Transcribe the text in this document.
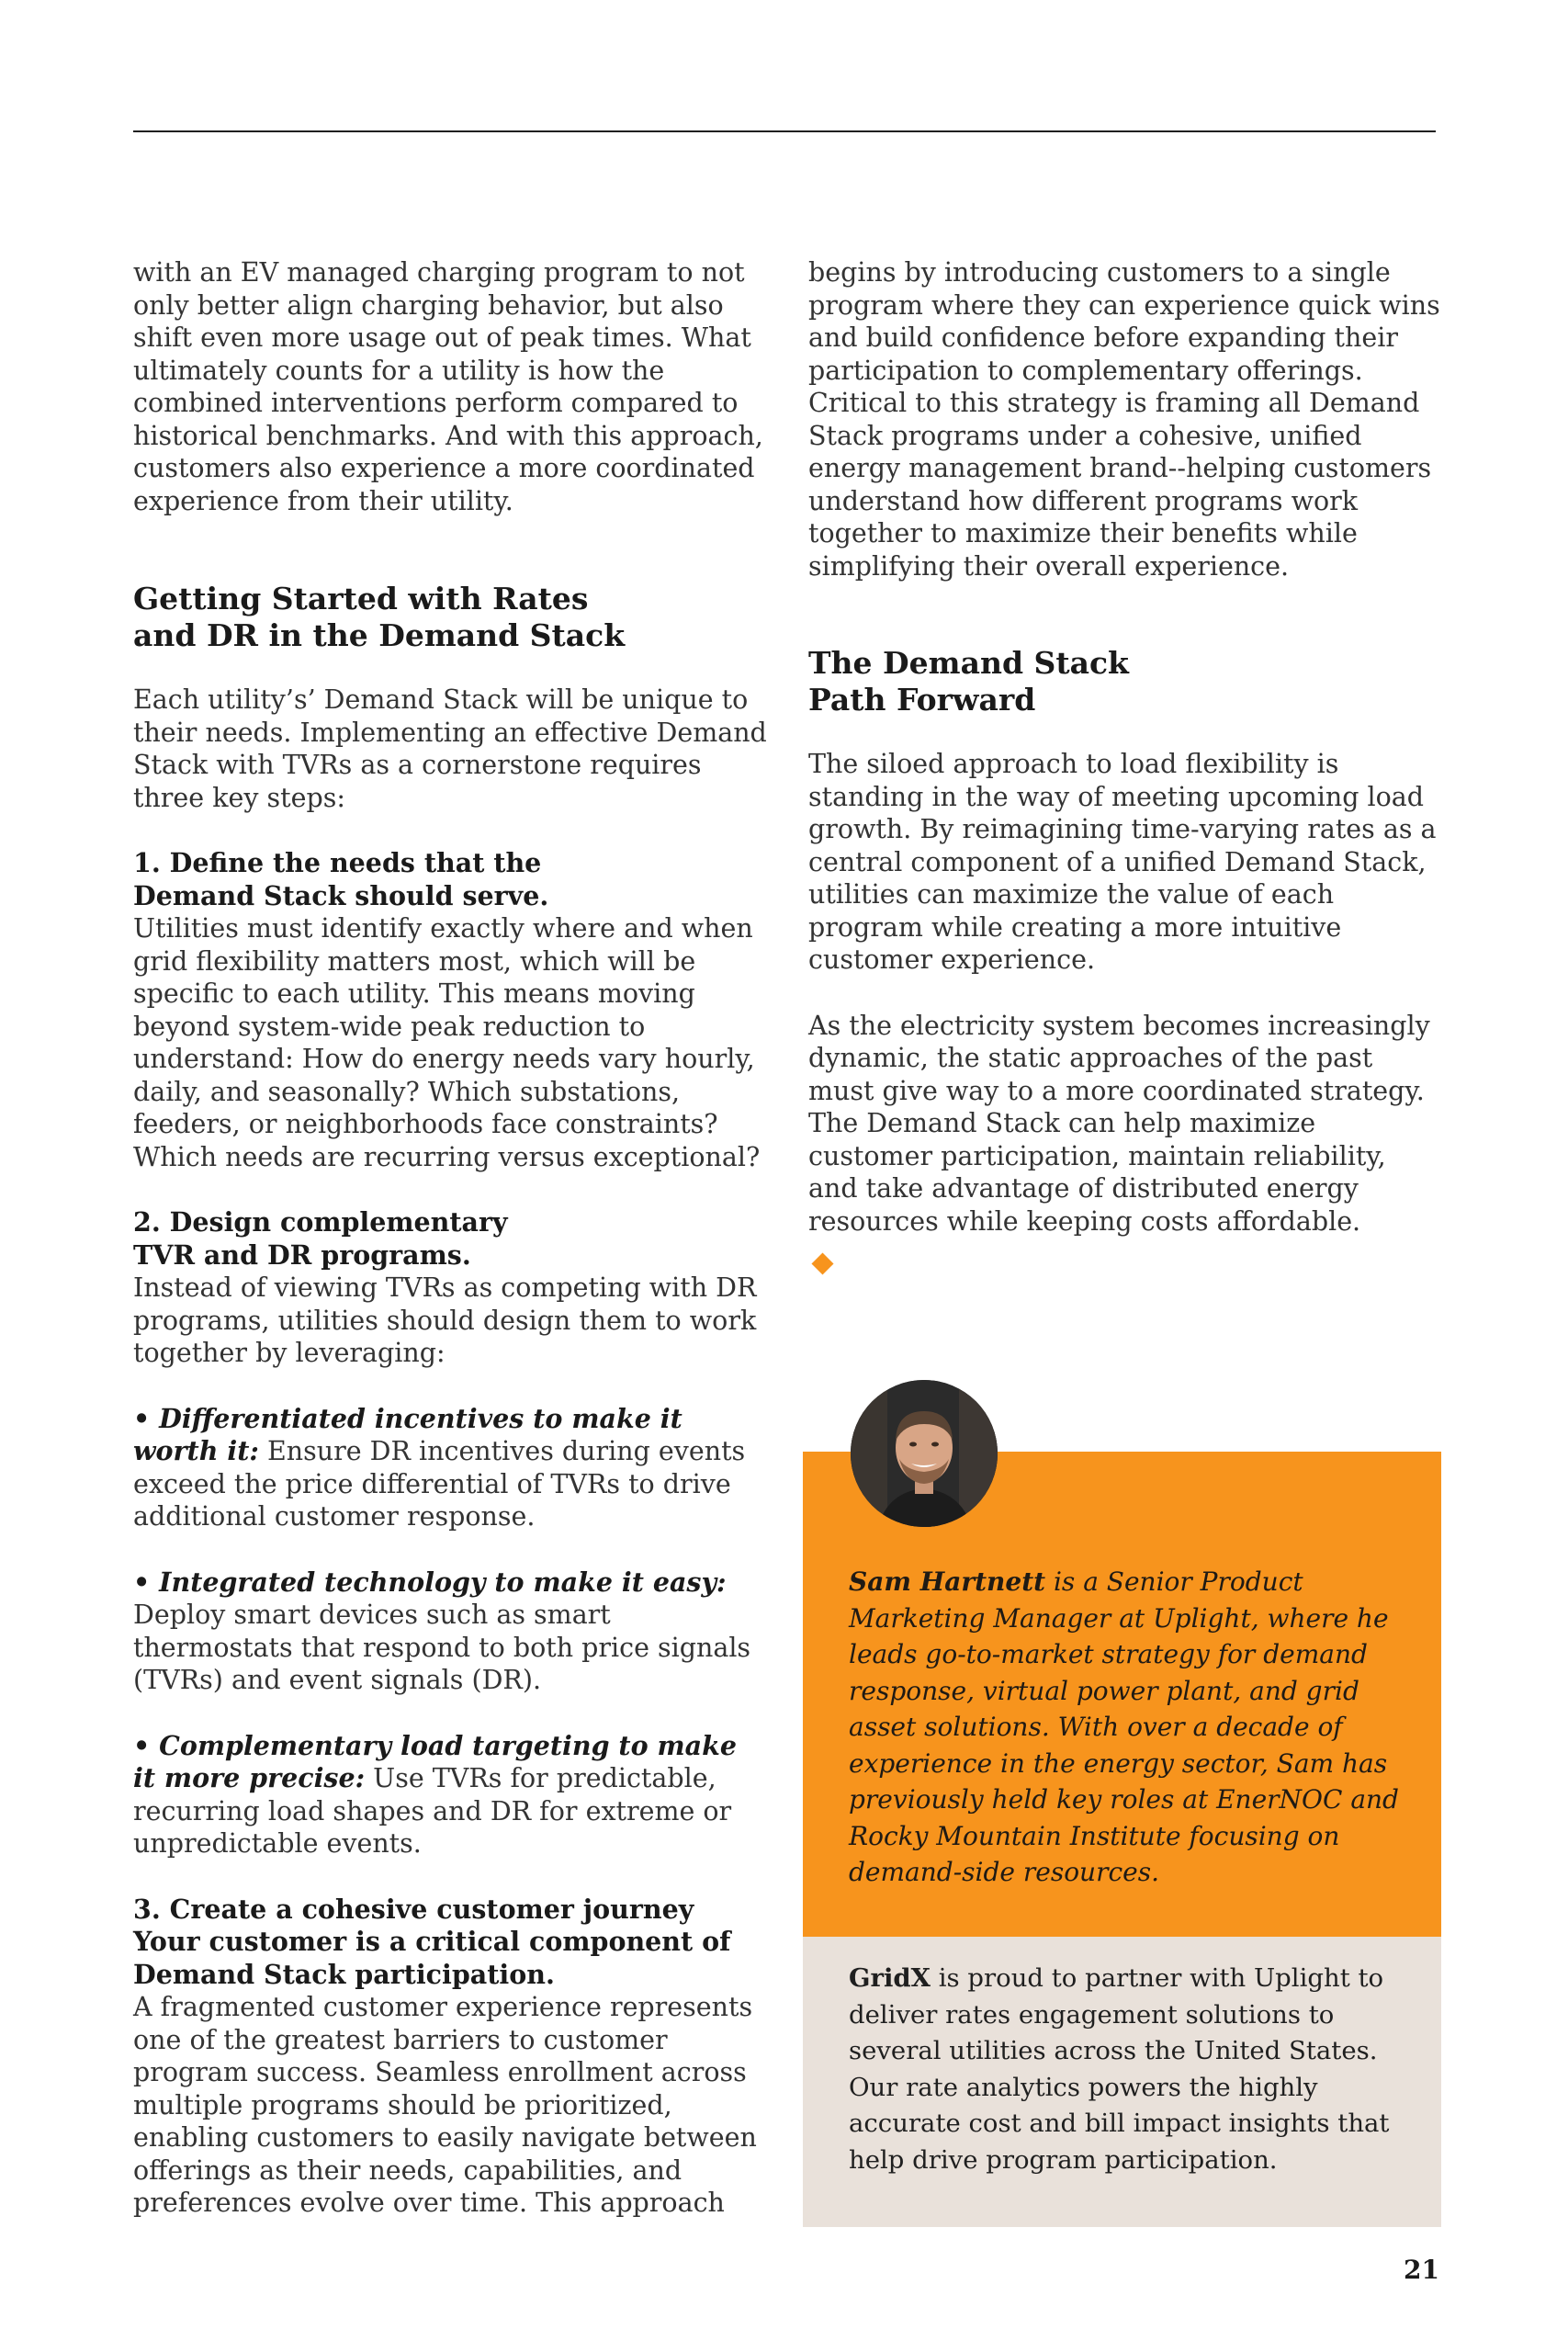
with an EV managed charging program to not only better align charging behavior, but also shift even more usage out of peak times. What ultimately counts for a utility is how the combined interventions perform compared to historical benchmarks. And with this approach, customers also experience a more coordinated experience from their utility.

Getting Started with Rates
and DR in the Demand Stack

Each utility’s’ Demand Stack will be unique to their needs. Implementing an effective Demand Stack with TVRs as a cornerstone requires three key steps:

1. Define the needs that the
Demand Stack should serve.
Utilities must identify exactly where and when grid flexibility matters most, which will be specific to each utility. This means moving beyond system-wide peak reduction to understand: How do energy needs vary hourly, daily, and seasonally? Which substations, feeders, or neighborhoods face constraints? Which needs are recurring versus exceptional?
2. Design complementary
TVR and DR programs.
Instead of viewing TVRs as competing with DR programs, utilities should design them to work together by leveraging:
• Differentiated incentives to make it worth it: Ensure DR incentives during events exceed the price differential of TVRs to drive additional customer response.
• Integrated technology to make it easy: Deploy smart devices such as smart thermostats that respond to both price signals (TVRs) and event signals (DR).
• Complementary load targeting to make it more precise: Use TVRs for predictable, recurring load shapes and DR for extreme or unpredictable events.
3. Create a cohesive customer journey
Your customer is a critical component of
Demand Stack participation.
A fragmented customer experience represents one of the greatest barriers to customer program success. Seamless enrollment across multiple programs should be prioritized, enabling customers to easily navigate between offerings as their needs, capabilities, and preferences evolve over time. This approach

begins by introducing customers to a single program where they can experience quick wins and build confidence before expanding their participation to complementary offerings. Critical to this strategy is framing all Demand Stack programs under a cohesive, unified energy management brand--helping customers understand how different programs work together to maximize their benefits while simplifying their overall experience.

The Demand Stack
Path Forward

The siloed approach to load flexibility is standing in the way of meeting upcoming load growth. By reimagining time-varying rates as a central component of a unified Demand Stack, utilities can maximize the value of each program while creating a more intuitive customer experience.

As the electricity system becomes increasingly dynamic, the static approaches of the past must give way to a more coordinated strategy. The Demand Stack can help maximize customer participation, maintain reliability, and take advantage of distributed energy resources while keeping costs affordable.

Sam Hartnett is a Senior Product Marketing Manager at Uplight, where he leads go-to-market strategy for demand response, virtual power plant, and grid asset solutions. With over a decade of experience in the energy sector, Sam has previously held key roles at EnerNOC and Rocky Mountain Institute focusing on demand-side resources.
GridX is proud to partner with Uplight to deliver rates engagement solutions to several utilities across the United States. Our rate analytics powers the highly accurate cost and bill impact insights that help drive program participation.
21
